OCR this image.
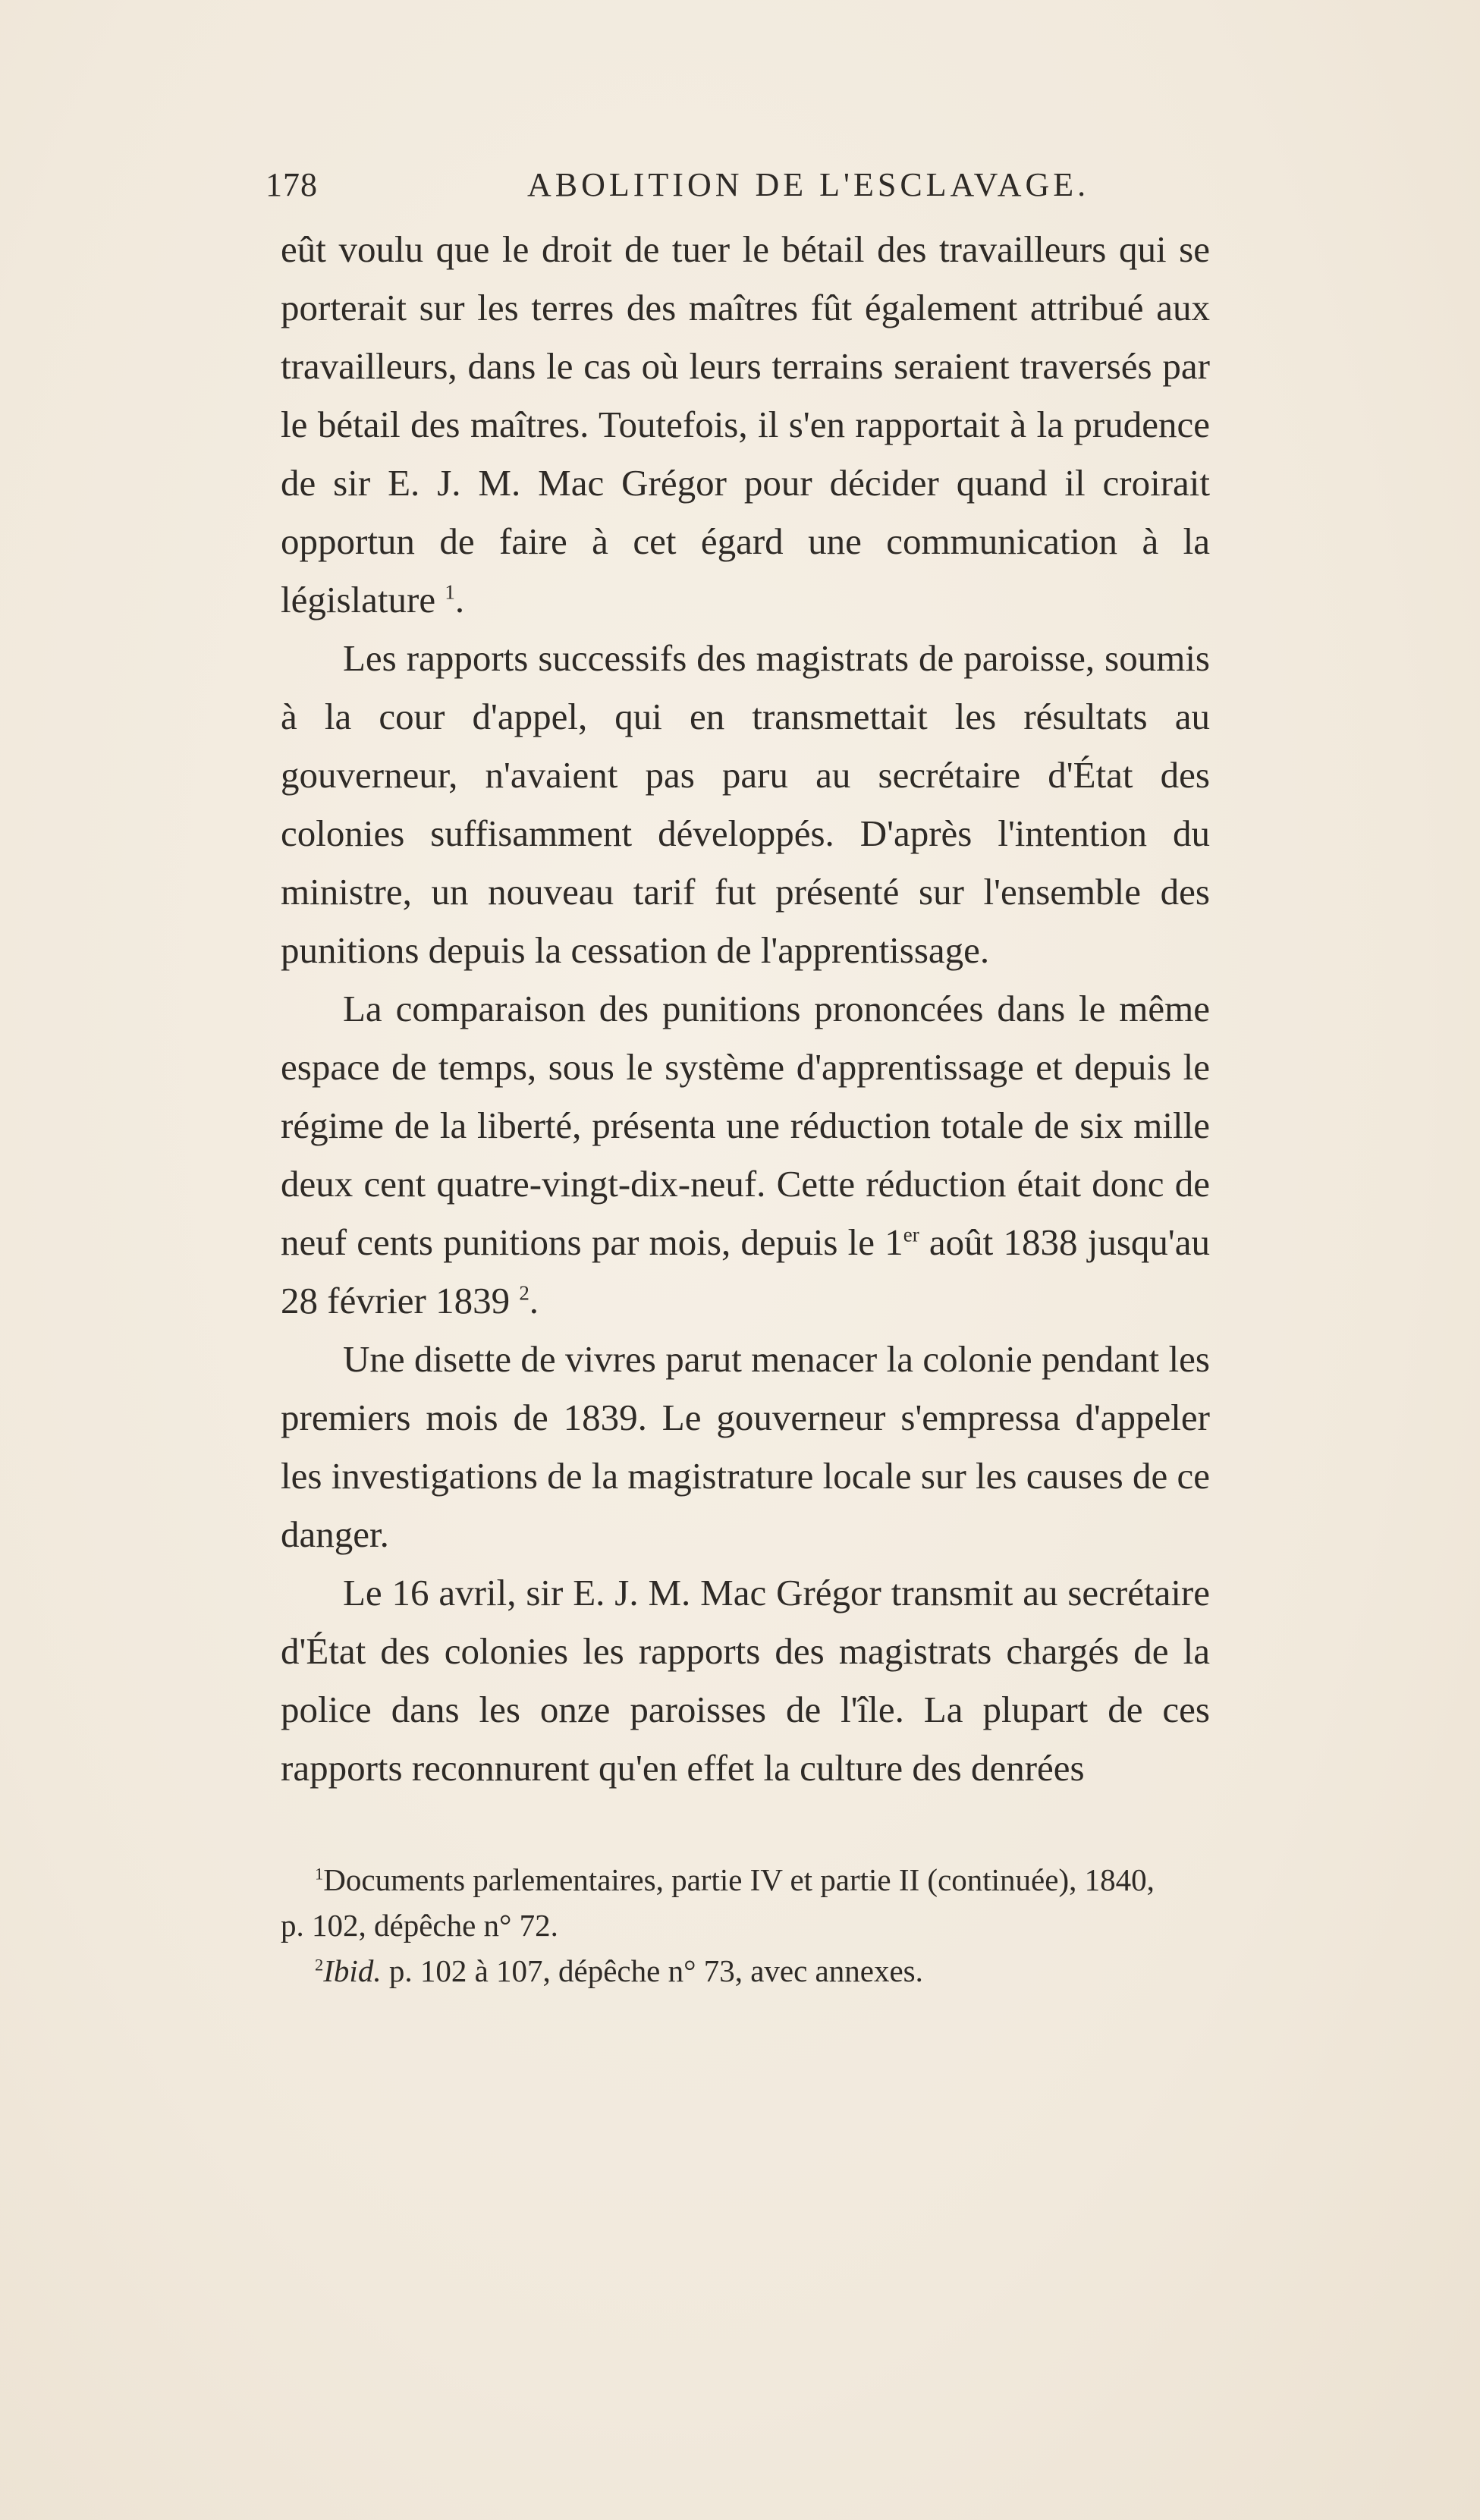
178	ABOLITION DE L'ESCLAVAGE.

eût voulu que le droit de tuer le bétail des travailleurs qui se porterait sur les terres des maîtres fût également attribué aux travailleurs, dans le cas où leurs terrains seraient traversés par le bétail des maîtres. Toutefois, il s'en rapportait à la prudence de sir E. J. M. Mac Grégor pour décider quand il croirait opportun de faire à cet égard une communication à la législature $^1$.

Les rapports successifs des magistrats de paroisse, soumis à la cour d'appel, qui en transmettait les résultats au gouverneur, n'avaient pas paru au secrétaire d'État des colonies suffisamment développés. D'après l'intention du ministre, un nouveau tarif fut présenté sur l'ensemble des punitions depuis la cessation de l'apprentissage.

La comparaison des punitions prononcées dans le même espace de temps, sous le système d'apprentissage et depuis le régime de la liberté, présenta une réduction totale de six mille deux cent quatre-vingt-dix-neuf. Cette réduction était donc de neuf cents punitions par mois, depuis le 1er août 1838 jusqu'au 28 février 1839 $^2$.

Une disette de vivres parut menacer la colonie pendant les premiers mois de 1839. Le gouverneur s'empressa d'appeler les investigations de la magistrature locale sur les causes de ce danger.

Le 16 avril, sir E. J. M. Mac Grégor transmit au secrétaire d'État des colonies les rapports des magistrats chargés de la police dans les onze paroisses de l'île. La plupart de ces rapports reconnurent qu'en effet la culture des denrées

$^1$Documents parlementaires, partie IV et partie II (continuée), 1840,

p. 102, dépêche n° 72.

$^2$Ibid. p. 102 à 107, dépêche n° 73, avec annexes.
